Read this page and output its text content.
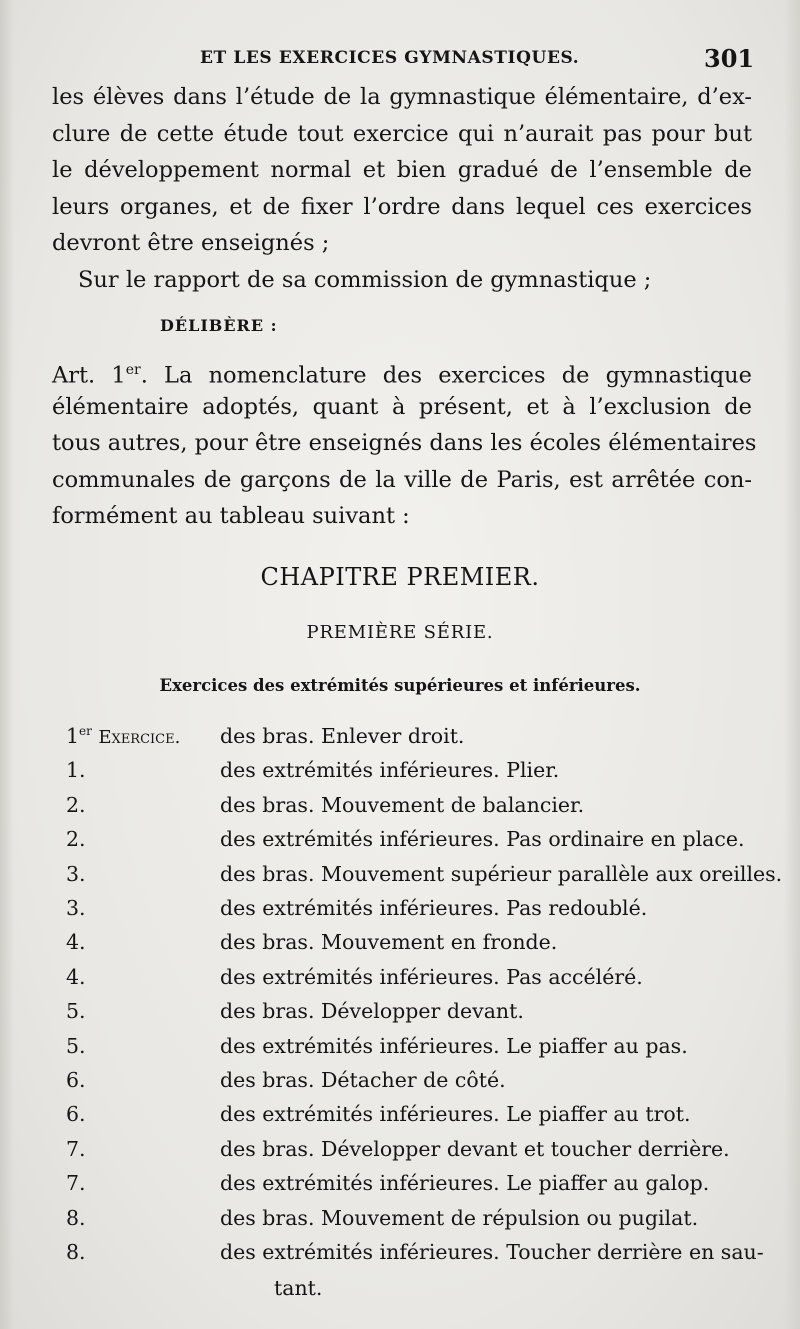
ET LES EXERCICES GYMNASTIQUES.	301
les élèves dans l’étude de la gymnastique élémentaire, d’ex-
clure de cette étude tout exercice qui n’aurait pas pour but
le développement normal et bien gradué de l’ensemble de
leurs organes, et de fixer l’ordre dans lequel ces exercices
devront être enseignés ;
Sur le rapport de sa commission de gymnastique ;
DÉLIBÈRE :
Art. 1er. La nomenclature des exercices de gymnastique
élémentaire adoptés, quant à présent, et à l’exclusion de
tous autres, pour être enseignés dans les écoles élémentaires
communales de garçons de la ville de Paris, est arrêtée con-
formément au tableau suivant :
CHAPITRE PREMIER.
PREMIÈRE SÉRIE.
Exercices des extrémités supérieures et inférieures.
1er Exercice. des bras. Enlever droit.
1.	des extrémités inférieures. Plier.
2.	des bras. Mouvement de balancier.
2.	des extrémités inférieures. Pas ordinaire en place.
3.	des bras. Mouvement supérieur parallèle aux oreilles.
3.	des extrémités inférieures. Pas redoublé.
4.	des bras. Mouvement en fronde.
4.	des extrémités inférieures. Pas accéléré.
5.	des bras. Développer devant.
5.	des extrémités inférieures. Le piaffer au pas.
6.	des bras. Détacher de côté.
6.	des extrémités inférieures. Le piaffer au trot.
7.	des bras. Développer devant et toucher derrière.
7.	des extrémités inférieures. Le piaffer au galop.
8.	des bras. Mouvement de répulsion ou pugilat.
8.	des extrémités inférieures. Toucher derrière en sau-
tant.
